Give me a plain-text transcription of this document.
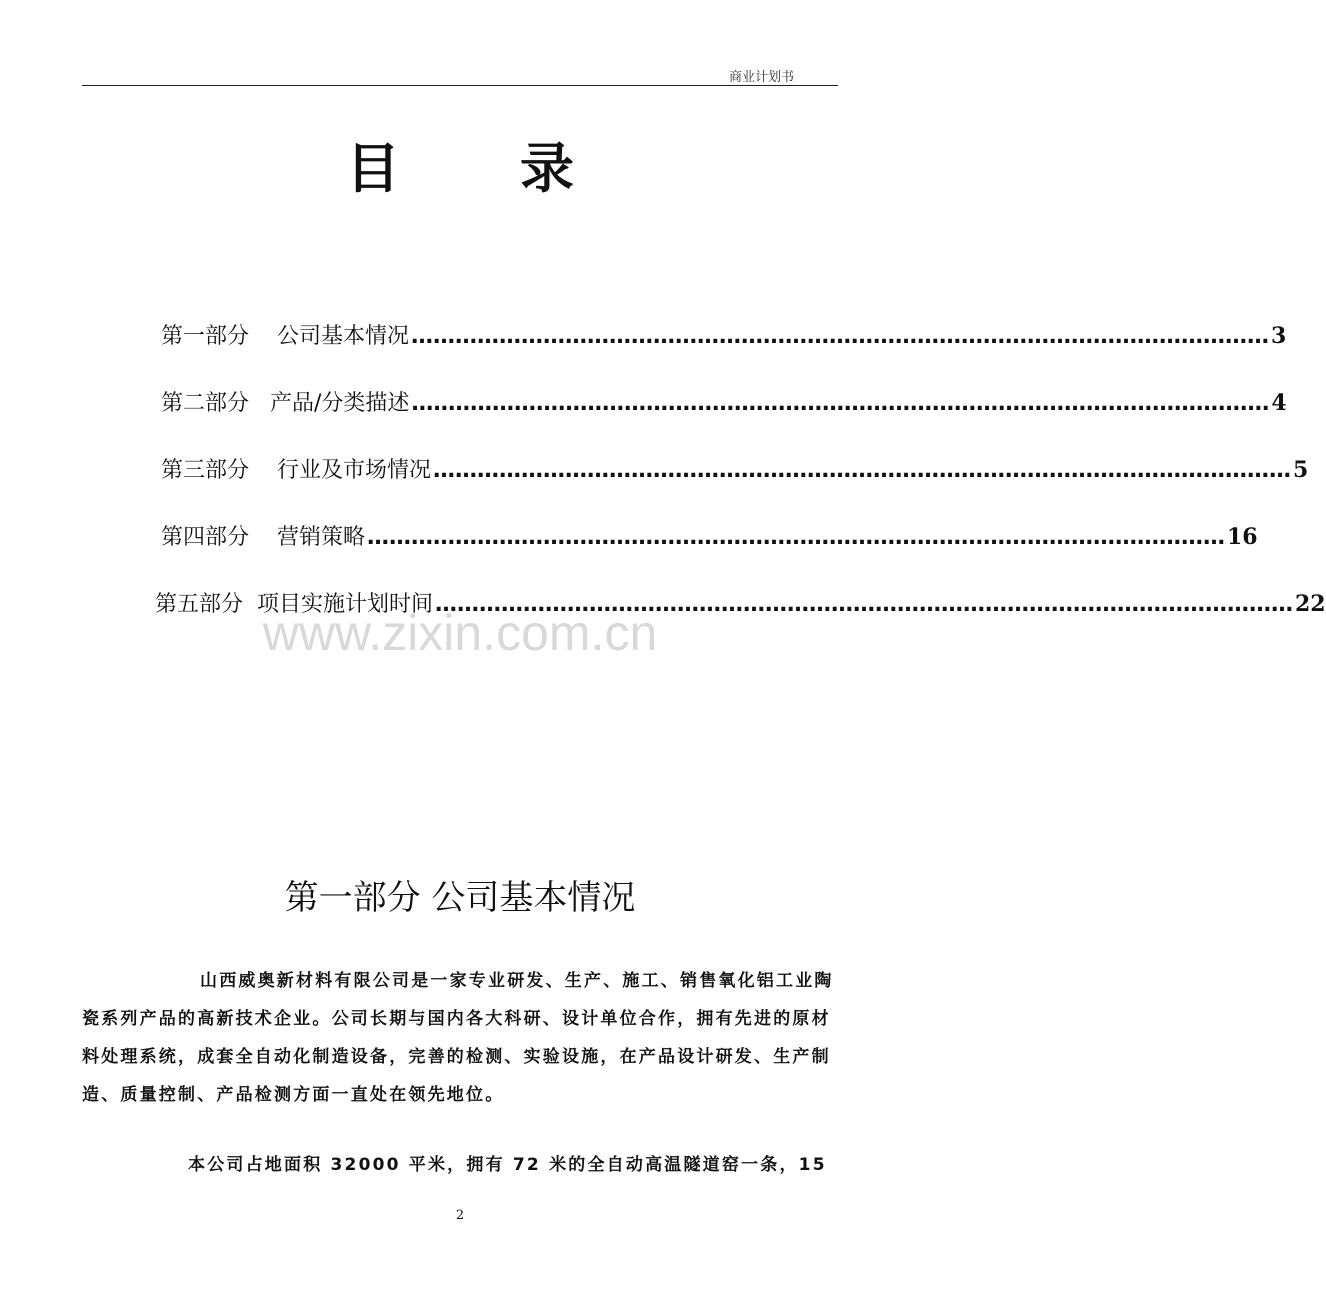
商业计划书
目 录
第一部分    公司基本情况 ……………………………………………………………………………………………………… 3
第二部分   产品/分类描述 ……………………………………………………………………………………………………… 4
第三部分    行业及市场情况 ……………………………………………………………………………………………………… 5
第四部分    营销策略 ……………………………………………………………………………………………………… 16
第五部分  项目实施计划时间 ……………………………………………………………………………………………………… 22
www.zixin.com.cn
第一部分 公司基本情况

山西威奥新材料有限公司是一家专业研发、生产、施工、销售氧化铝工业陶瓷系列产品的高新技术企业。公司长期与国内各大科研、设计单位合作，拥有先进的原材料处理系统，成套全自动化制造设备，完善的检测、实验设施，在产品设计研发、生产制造、质量控制、产品检测方面一直处在领先地位。

本公司占地面积 32000 平米，拥有 72 米的全自动高温隧道窑一条，15

2
